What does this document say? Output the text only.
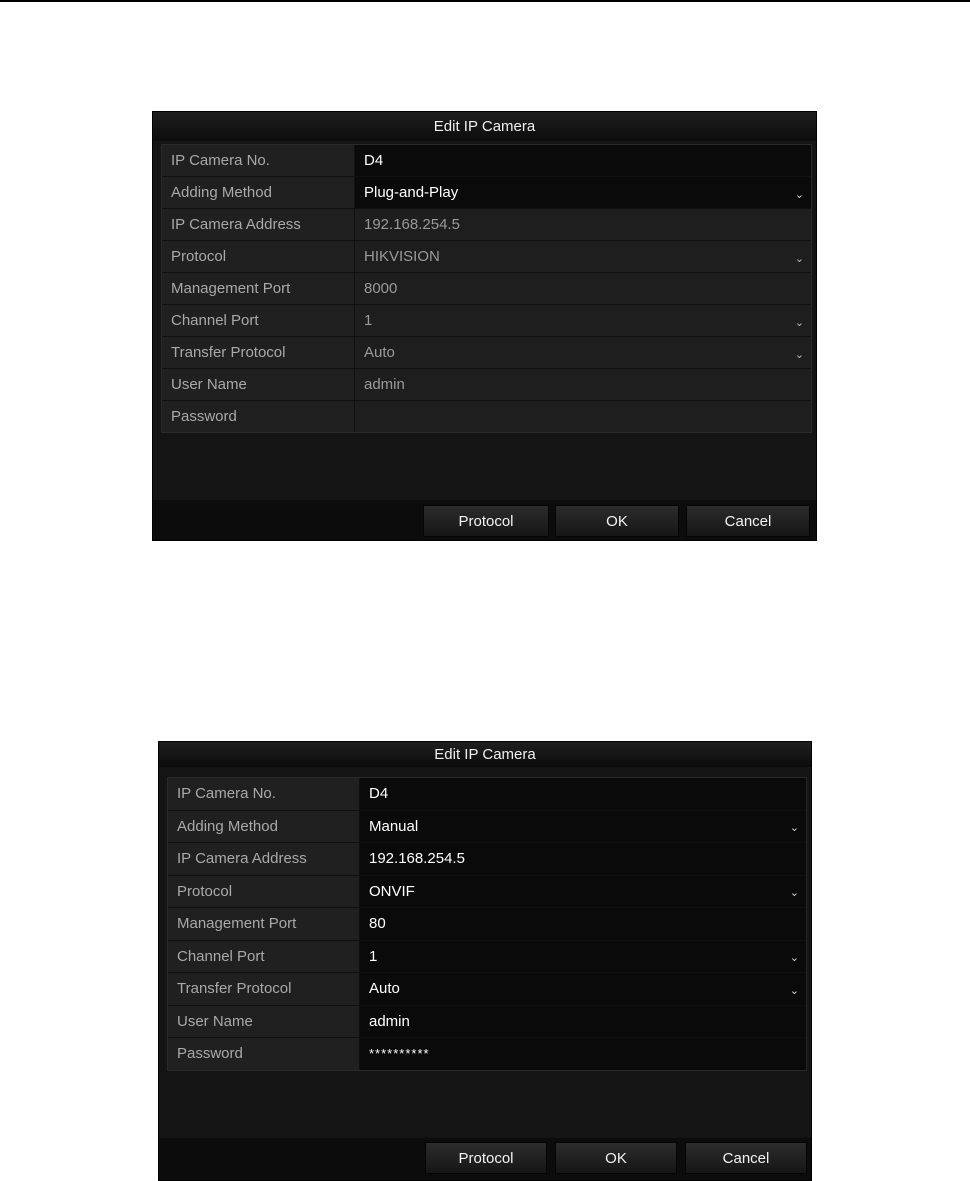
Edit IP Camera
IP Camera No.	D4
Adding Method	Plug-and-Play	⌄
IP Camera Address	192.168.254.5
Protocol	HIKVISION	⌄
Management Port	8000
Channel Port	1	⌄
Transfer Protocol	Auto	⌄
User Name	admin
Password
Protocol	OK	Cancel
Edit IP Camera
IP Camera No.	D4
Adding Method	Manual	⌄
IP Camera Address	192.168.254.5
Protocol	ONVIF	⌄
Management Port	80
Channel Port	1	⌄
Transfer Protocol	Auto	⌄
User Name	admin
Password	**********
Protocol	OK	Cancel
